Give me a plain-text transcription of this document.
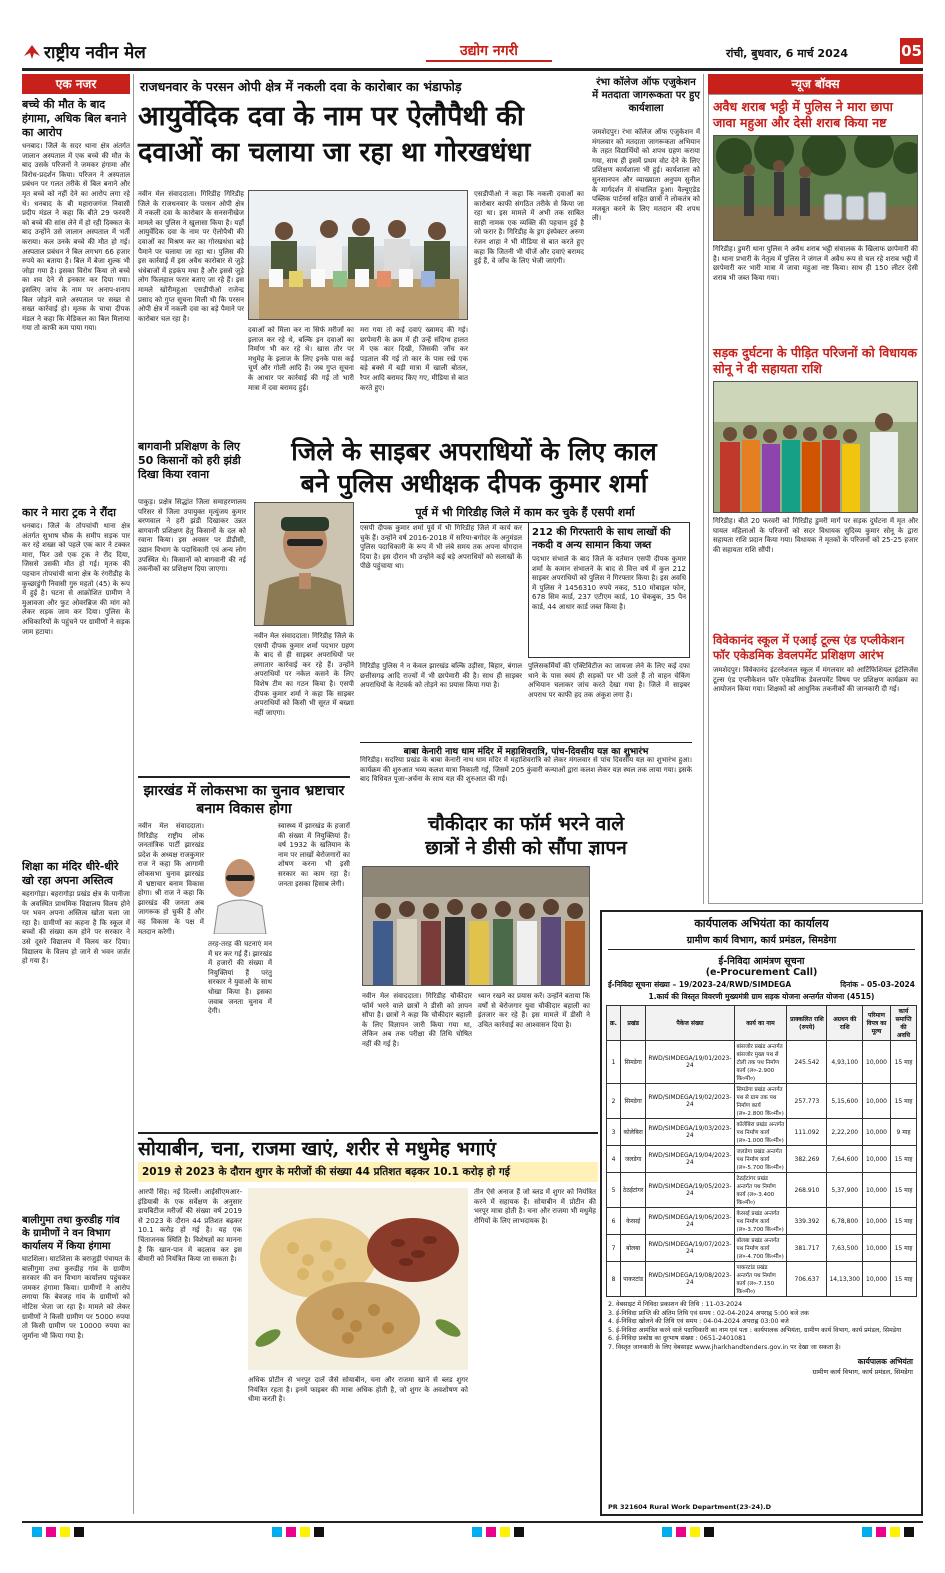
राष्ट्रीय नवीन मेल	उद्योग नगरी	रांची, बुधवार, 6 मार्च 2024	05
एक नजर
बच्चे की मौत के बाद हंगामा, अधिक बिल बनाने का आरोप
धनबाद। जिले के सदर थाना क्षेत्र अंतर्गत जालान अस्पताल में एक बच्चे की मौत के बाद उसके परिजनों ने जमकर हंगामा और विरोध-प्रदर्शन किया। परिजन ने अस्पताल प्रबंधन पर गलत तरीके से बिल बनाने और मृत बच्चे को नहीं देने का आरोप लगा रहे थे। धनबाद के बी महाराजगंज निवासी प्रदीप मंडल ने कहा कि बीते 29 फरवरी को बच्चे की सांस लेने में हो रही दिक्कत के बाद उन्होंने उसे जालान अस्पताल में भर्ती कराया। कल उनके बच्चे की मौत हो गई। अस्पताल प्रबंधन ने बिल लगभग 66 हजार रुपये का बताया है। बिल में बेजा शुल्क भी जोड़ा गया है। इसका विरोध किया तो बच्चे का शव देने से इनकार कर दिया गया। इसलिए जांच के नाम पर अनाप-शनाप बिल जोड़ने वाले अस्पताल पर सख्त से सख्त कार्रवाई हो। मृतक के चाचा दीपक मंडल ने कहा कि मेडिकल का बिल मिलाया गया तो काफी कम पाया गया।
कार ने मारा ट्रक ने रौंदा
धनबाद। जिले के तोपचांची थाना क्षेत्र अंतर्गत सुभाष चौक के समीप सड़क पार कर रहे शख्स को पहले एक कार ने टक्कर मारा, फिर उसे एक ट्रक ने रौंद दिया, जिससे उसकी मौत हो गई। मृतक की पहचान तोपचांची थाना क्षेत्र के रंगरीडीह के कुच्छाडुंगी निवासी गुरु महतो (45) के रूप में हुई है। घटना से आक्रोशित ग्रामीण ने मुआवजा और फुट ओवरब्रिज की मांग को लेकर सड़क जाम कर दिया। पुलिस के अधिकारियों के पहुंचने पर ग्रामीणों ने सड़क जाम हटाया।
शिक्षा का मंदिर धीरे-धीरे खो रहा अपना अस्तित्व
बहरागोड़ा। बहरागोड़ा प्रखंड क्षेत्र के पानीजा के अवस्थित प्राथमिक विद्यालय विलय होने पर भवन अपना अस्तित्व खोता चला जा रहा है। ग्रामीणों का कहना है कि स्कूल में बच्चों की संख्या कम होने पर सरकार ने उसे दूसरे विद्यालय में विलय कर दिया। विद्यालय के विलय हो जाने से भवन जर्जर हो गया है।
बालीगुमा तथा कुरुडीह गांव के ग्रामीणों ने वन विभाग कार्यालय में किया हंगामा
घाटशिला। घाटशिला के बराजुड़ी पंचायत के बालीगुमा तथा कुरुडीह गांव के ग्रामीण सरकार की वन विभाग कार्यालय पहुंचकर जमकर हंगामा किया। ग्रामीणों ने आरोप लगाया कि बेवजह गांव के ग्रामीणों को नोटिस भेजा जा रहा है। मामले को लेकर ग्रामीणों ने किसी ग्रामीण पर 5000 रुपया तो किसी ग्रामीण पर 10000 रुपया का जुर्माना भी किया गया है।
राजधनवार के परसन ओपी क्षेत्र में नकली दवा के कारोबार का भंडाफोड़
आयुर्वेदिक दवा के नाम पर ऐलौपैथी की
दवाओं का चलाया जा रहा था गोरखधंधा
नवीन मेल संवाददाता। गिरिडीह गिरिडीह जिले के राजधनवार के परसन ओपी क्षेत्र में नकली दवा के कारोबार के सनसनीखेज मामले का पुलिस ने खुलासा किया है। यहाँ आयुर्वेदिक दवा के नाम पर ऐलोपैथी की दवाओं का मिश्रण कर का गोरखधंधा बड़े पैमाने पर चलाया जा रहा था। पुलिस की इस कार्रवाई में इस अवैध कारोबार से जुड़े धंधेबाजों में हड़कंप मचा है और इससे जुड़े लोग फिलहाल फरार बताए जा रहे हैं। इस मामले खोरीमहुआ एसडीपीओ राजेन्द्र प्रसाद को गुप्त सूचना मिली थी कि परसन ओपी क्षेत्र में नकली दवा का बड़े पैमाने पर कारोबार चल रहा है।
दवाओं को मिला कर ना सिर्फ मरीजों का इलाज कर रहे थे, बल्कि इन दवाओं का निर्माण भी कर रहे थे। खास तौर पर मधुमेह के इलाज के लिए इनके पास कई चूर्ण और गोली आदि हैं। जब गुप्त सूचना के आधार पर कार्रवाई की गई तो भारी मात्रा में दवा बरामद हुई।
मरा गया तो कई दवाएं ख्वामद की गई। छापेमारी के क्रम में ही उन्हें संदिग्ध हालत में एक कार दिखी, जिसकी जाँच कर पड़ताल की गई तो कार के पास रखे एक बड़े बक्से में बड़ी मात्रा में खाली बोतल, रैपर आदि बरामद किए गए, मीडिया से बात करते हुए।
एसडीपीओ ने कहा कि नकली दवाओं का कारोबार काफी संगठित तरीके से किया जा रहा था। इस मामले में अभी तक साबित साही नामक एक व्यक्ति की पहचान हुई है जो फरार है। गिरिडीह के ड्रग इंस्पेक्टर अरुण रंजन शाहा ने भी मीडिया से बात करते हुए कहा कि जितनी भी चीजें और दवाएं बरामद हुई हैं, वे जाँच के लिए भेजी जाएंगी।
रंभा कॉलेज ऑफ एजुकेशन में मतदाता जागरूकता पर हुए कार्यशाला
जमशेदपुर। रंभा कॉलेज ऑफ एजुकेशन में मंगलवार को मतदाता जागरूकता अभियान के तहत विद्यार्थियों को शपथ ग्रहण कराया गया, साथ ही इसमें प्रथम वोट देने के लिए प्रशिक्षण कार्यशाला भी हुई। कार्यशाला को सुनसानपन और व्याख्याता अनुपम सुनील के मार्गदर्शन में संचालित हुआ। वैल्यूएडेड पब्लिक पार्टनर्स सहित छात्रों ने लोकतंत्र को मजबूत करने के लिए मतदान की शपथ ली।
बागवानी प्रशिक्षण के लिए 50 किसानों को हरी झंडी दिखा किया रवाना
पाकुड़। प्रक्षेत्र सिद्धांत जिला समाहरणालय परिसर से जिला उपायुक्त मृत्युंजय कुमार बरणवाल ने हरी झंडी दिखाकर उन्नत बागवानी प्रशिक्षण हेतु किसानों के दल को रवाना किया। इस अवसर पर डीडीसी, उद्यान विभाग के पदाधिकारी एवं अन्य लोग उपस्थित थे। किसानों को बागवानी की नई तकनीकों का प्रशिक्षण दिया जाएगा।
जिले के साइबर अपराधियों के लिए काल
बने पुलिस अधीक्षक दीपक कुमार शर्मा
पूर्व में भी गिरिडीह जिले में काम कर चुके हैं एसपी शर्मा
नवीन मेल संवाददाता। गिरिडीह जिले के एसपी दीपक कुमार शर्मा पदभार ग्रहण के बाद से ही साइबर अपराधियों पर लगातार कार्रवाई कर रहे हैं। उन्होंने अपराधियों पर नकेल कसने के लिए विशेष टीम का गठन किया है। एसपी दीपक कुमार शर्मा ने कहा कि साइबर अपराधियों को किसी भी सूरत में बख्शा नहीं जाएगा।
एसपी दीपक कुमार शर्मा पूर्व में भी गिरिडीह जिले में कार्य कर चुके हैं। उन्होंने वर्ष 2016-2018 में सरिया-बगोदर के अनुमंडल पुलिस पदाधिकारी के रूप में भी लंबे समय तक अपना योगदान दिया है। इस दौरान भी उन्होंने कई बड़े अपराधियों को सलाखों के पीछे पहुंचाया था।
212 की गिरफ्तारी के साथ लाखों की नकदी व अन्य सामान किया जब्त
पदभार संभाले के बाद जिले के वर्तमान एसपी दीपक कुमार शर्मा के कमान संभालने के बाद से वित्त वर्ष में कुल 212 साइबर अपराधियों को पुलिस ने गिरफ्तार किया है। इस अवधि में पुलिस ने 1456310 रुपये नकद, 510 मोबाइल फोन, 678 सिम कार्ड, 237 एटीएम कार्ड, 10 चेकबुक, 35 पैन कार्ड, 44 आधार कार्ड जब्त किया है।
गिरिडीह पुलिस ने न केवल झारखंड बल्कि उड़ीसा, बिहार, बंगाल छत्तीसगढ़ आदि राज्यों में भी छापेमारी की है। साथ ही साइबर अपराधियों के नेटवर्क को तोड़ने का प्रयास किया गया है।
पुलिसकर्मियों की एक्टिविटीज का जायजा लेने के लिए कई दफा थाने के पास स्वयं ही सड़कों पर भी उतरे हैं तो वाहन चेकिंग अभियान चलाकर जांच करते देखा गया है। जिले में साइबर अपराध पर काफी हद तक अंकुश लगा है।
बाबा केनारी नाथ धाम मंदिर में महाशिवरात्रि, पांच-दिवसीय यज्ञ का शुभारंभ
गिरिडीह। सदरिया प्रखंड के बाबा केनारी नाथ धाम मंदिर में महाशिवरात्रि को लेकर मंगलवार से पांच दिवसीय यज्ञ का शुभारंभ हुआ। कार्यक्रम की शुरुआत भव्य कलश यात्रा निकाली गई, जिसमें 205 कुंवारी कन्याओं द्वारा कलश लेकर यज्ञ स्थल तक लाया गया। इसके बाद विधिवत पूजा-अर्चना के साथ यज्ञ की शुरुआत की गई।
झारखंड में लोकसभा का चुनाव भ्रष्टाचार बनाम विकास होगा
नवीन मेल संवाददाता। गिरिडीह राष्ट्रीय लोक जनतांत्रिक पार्टी झारखंड प्रदेश के अध्यक्ष राजकुमार राज ने कहा कि आगामी लोकसभा चुनाव झारखंड में भ्रष्टाचार बनाम विकास होगा। श्री राज ने कहा कि झारखंड की जनता अब जागरूक हो चुकी है और वह विकास के पक्ष में मतदान करेगी।
तरह-तरह की घटनाएं मन में घर कर गई हैं। झारखंड में हजारों की संख्या में नियुक्तियां हैं परंतु सरकार ने युवाओं के साथ धोखा किया है। इसका जवाब जनता चुनाव में देगी।
स्वास्थ्य में झारखंड के हजारों की संख्या में नियुक्तियां हैं। वर्ष 1932 के खतियान के नाम पर लाखों बेरोजगारों का शोषण करना भी इसी सरकार का काम रहा है। जनता इसका हिसाब लेगी।
चौकीदार का फॉर्म भरने वाले
छात्रों ने डीसी को सौंपा ज्ञापन
नवीन मेल संवाददाता। गिरिडीह चौकीदार फॉर्म भरने वाले छात्रों ने डीसी को ज्ञापन सौंपा है। छात्रों ने कहा कि चौकीदार बहाली के लिए विज्ञापन जारी किया गया था, लेकिन अब तक परीक्षा की तिथि घोषित नहीं की गई है।
ध्यान रखने का प्रयास करें। उन्होंने बताया कि वर्षों से बेरोजगार युवा चौकीदार बहाली का इंतजार कर रहे हैं। इस मामले में डीसी ने उचित कार्रवाई का आश्वासन दिया है।
न्यूज बॉक्स
अवैध शराब भट्ठी में पुलिस ने मारा छापा जावा महुआ और देसी शराब किया नष्ट
गिरिडीह। डुमरी थाना पुलिस ने अवैध शराब भट्ठी संचालक के खिलाफ छापेमारी की है। थाना प्रभारी के नेतृत्व में पुलिस ने जंगल में अवैध रूप से चल रहे शराब भट्ठी में छापेमारी कर भारी मात्रा में जावा महुआ नष्ट किया। साथ ही 150 लीटर देसी शराब भी जब्त किया गया।
सड़क दुर्घटना के पीड़ित परिजनों को विधायक सोनू ने दी सहायता राशि
गिरिडीह। बीते 20 फरवरी को गिरिडीह डुमरी मार्ग पर सड़क दुर्घटना में मृत और घायल महिलाओं के परिजनों को सदर विधायक सुदिव्य कुमार सोनू के द्वारा सहायता राशि प्रदान किया गया। विधायक ने मृतकों के परिजनों को 25-25 हजार की सहायता राशि सौंपी।
विवेकानंद स्कूल में एआई टूल्स एंड एप्लीकेशन फॉर एकेडमिक डेवलपमेंट प्रशिक्षण आरंभ
जमशेदपुर। विवेकानंद इंटरनेशनल स्कूल में मंगलवार को आर्टिफिशियल इंटेलिजेंस टूल्स एंड एप्लीकेशन फॉर एकेडमिक डेवलपमेंट विषय पर प्रशिक्षण कार्यक्रम का आयोजन किया गया। शिक्षकों को आधुनिक तकनीकों की जानकारी दी गई।
सोयाबीन, चना, राजमा खाएं, शरीर से मधुमेह भगाएं
2019 से 2023 के दौरान शुगर के मरीजों की संख्या 44 प्रतिशत बढ़कर 10.1 करोड़ हो गई
आरपी सिंह। नई दिल्ली। आईसीएमआर-इंडियाबी के एक सर्वेक्षण के अनुसार डायबिटीज मरीजों की संख्या वर्ष 2019 से 2023 के दौरान 44 प्रतिशत बढ़कर 10.1 करोड़ हो गई है। यह एक चिंताजनक स्थिति है। विशेषज्ञों का मानना है कि खान-पान में बदलाव कर इस बीमारी को नियंत्रित किया जा सकता है।
अधिक प्रोटीन से भरपूर दालें जैसे सोयाबीन, चना और राजमा खाने से ब्लड शुगर नियंत्रित रहता है। इनमें फाइबर की मात्रा अधिक होती है, जो शुगर के अवशोषण को धीमा करती है।
तीन ऐसे अनाज हैं जो ब्लड में शुगर को नियंत्रित करने में सहायक हैं। सोयाबीन में प्रोटीन की भरपूर मात्रा होती है। चना और राजमा भी मधुमेह रोगियों के लिए लाभदायक है।
कार्यपालक अभियंता का कार्यालय
ग्रामीण कार्य विभाग, कार्य प्रमंडल, सिमडेगा
ई-निविदा आमंत्रण सूचना
(e-Procurement Call)
ई-निविदा सूचना संख्या – 19/2023-24/RWD/SIMDEGA	दिनांक – 05-03-2024
1.कार्य की विस्तृत विवरणी मुख्यमंत्री ग्राम सड़क योजना अन्तर्गत योजना (4515)
क्र.	प्रखंड	पैकेज संख्या	कार्य का नाम	प्राक्कलित राशि (रुपये)	अग्रधन की राशि	परिमाण विपत्र का मूल्य	कार्य समाप्ति की अवधि
1	सिमडेगा	RWD/SIMDEGA/19/01/2023-24	बांसजोर प्रखंड अन्तर्गत बांसजोर मुख्य पथ से टोली तक पथ निर्माण कार्य (ल०-2.900 कि०मी०)	245.542	4,93,100	10,000	15 माह
2	सिमडेगा	RWD/SIMDEGA/19/02/2023-24	सिमडेगा प्रखंड अन्तर्गत पथ से ग्राम तक पथ निर्माण कार्य (ल०-2.800 कि०मी०)	257.773	5,15,600	10,000	15 माह
3	कोलेबिरा	RWD/SIMDEGA/19/03/2023-24	कोलेबिरा प्रखंड अन्तर्गत पथ निर्माण कार्य (ल०-1.000 कि०मी०)	111.092	2,22,200	10,000	9 माह
4	जलडेगा	RWD/SIMDEGA/19/04/2023-24	जलडेगा प्रखंड अन्तर्गत पथ निर्माण कार्य (ल०-5.700 कि०मी०)	382.269	7,64,600	10,000	15 माह
5	ठेठईटांगर	RWD/SIMDEGA/19/05/2023-24	ठेठईटांगर प्रखंड अन्तर्गत पथ निर्माण कार्य (ल०-3.400 कि०मी०)	268.910	5,37,900	10,000	15 माह
6	केरसई	RWD/SIMDEGA/19/06/2023-24	केरसई प्रखंड अन्तर्गत पथ निर्माण कार्य (ल०-3.700 कि०मी०)	339.392	6,78,800	10,000	15 माह
7	बोलबा	RWD/SIMDEGA/19/07/2023-24	बोलबा प्रखंड अन्तर्गत पथ निर्माण कार्य (ल०-4.700 कि०मी०)	381.717	7,63,500	10,000	15 माह
8	पाकरटांड	RWD/SIMDEGA/19/08/2023-24	पाकरटांड प्रखंड अन्तर्गत पथ निर्माण कार्य (ल०-7.150 कि०मी०)	706.637	14,13,300	10,000	15 माह
2. वेबसाइट में निविदा प्रकाशन की तिथि : 11-03-2024
3. ई-निविदा प्राप्ति की अंतिम तिथि एवं समय : 02-04-2024 अपराह्न 5:00 बजे तक
4. ई-निविदा खोलने की तिथि एवं समय : 04-04-2024 अपराह्न 03:00 बजे
5. ई-निविदा आमंत्रित करने वाले पदाधिकारी का नाम एवं पता : कार्यपालक अभियंता, ग्रामीण कार्य विभाग, कार्य प्रमंडल, सिमडेगा
6. ई-निविदा प्रकोष्ठ का दूरभाष संख्या : 0651-2401081
7. विस्तृत जानकारी के लिए वेबसाइट www.jharkhandtenders.gov.in पर देखा जा सकता है।
कार्यपालक अभियंता
ग्रामीण कार्य विभाग, कार्य प्रमंडल, सिमडेगा
PR 321604 Rural Work Department(23-24).D
